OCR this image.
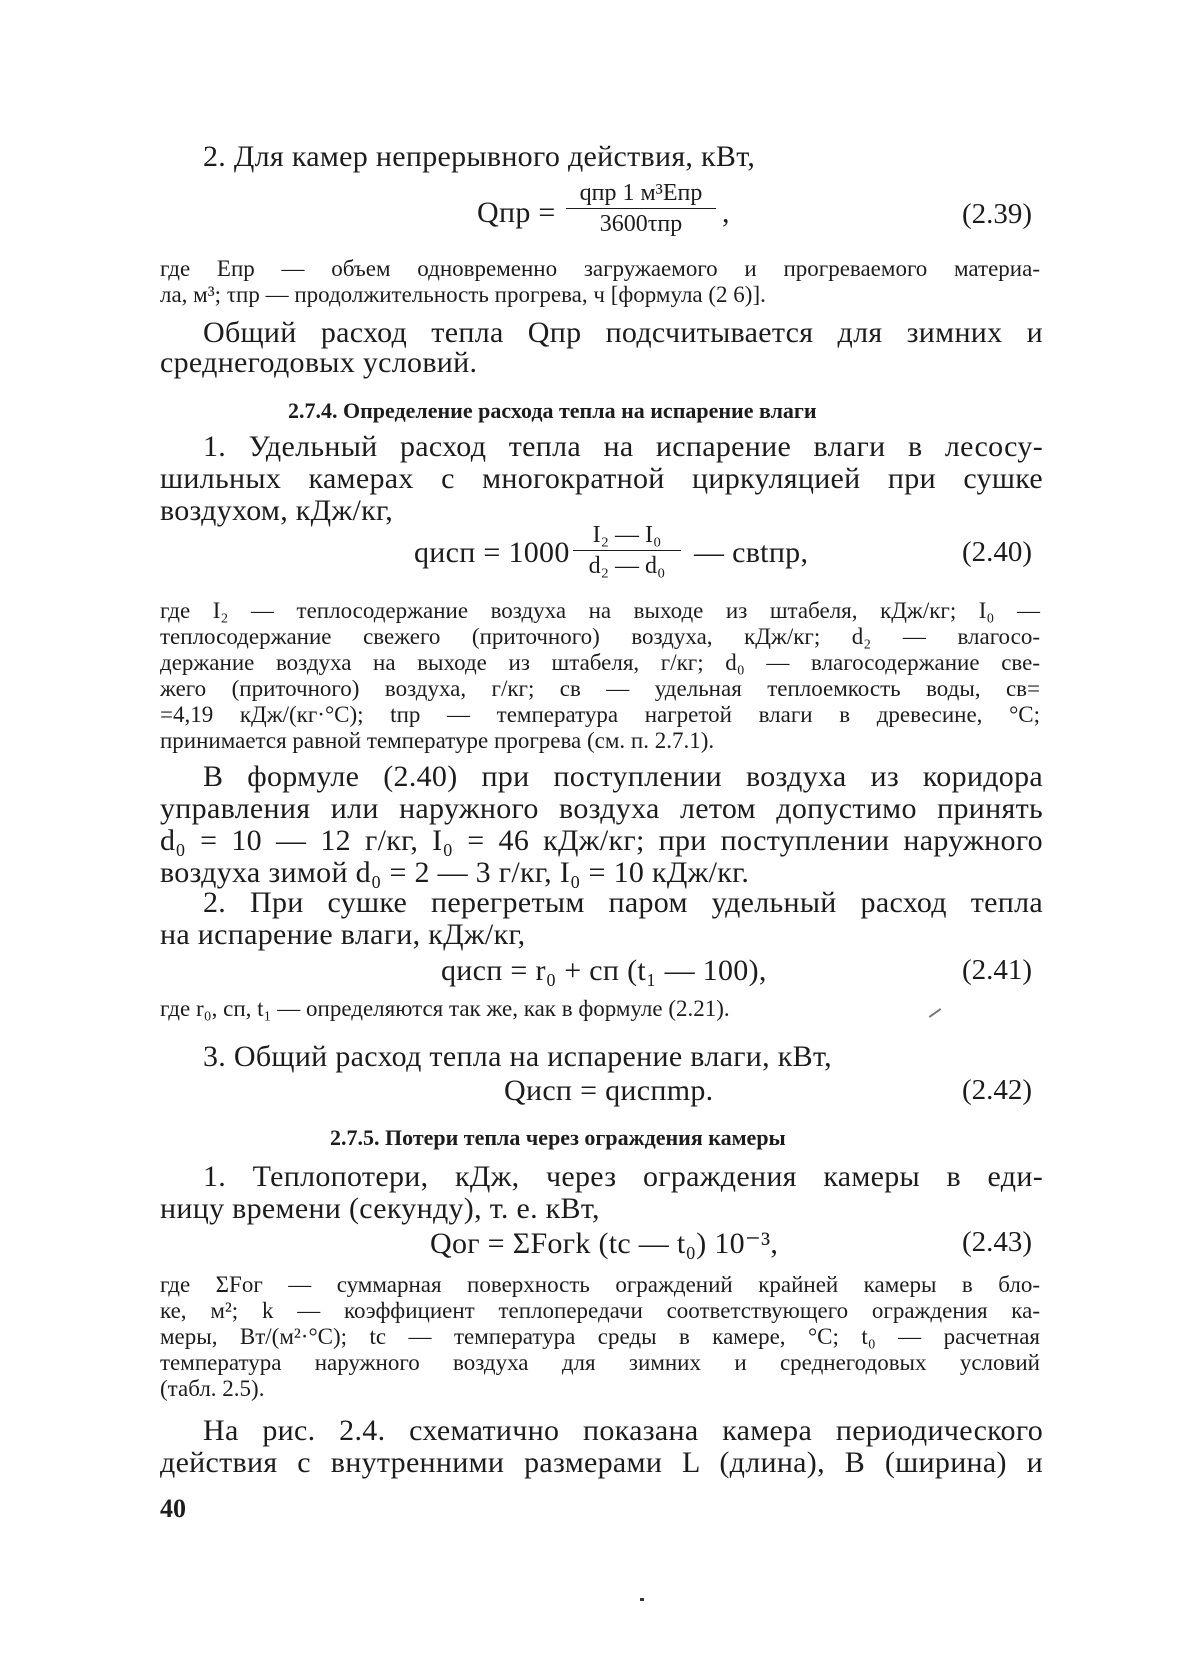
2. Для камер непрерывного действия, кВт,
Qпр =
qпр 1 м³Eпр
3600τпр	,	(2.39)
где Eпр — объем одновременно загружаемого и прогреваемого материа-
ла, м³; τпр — продолжительность прогрева, ч [формула (2 6)].
Общий расход тепла Qпр подсчитывается для зимних и
среднегодовых условий.
2.7.4. Определение расхода тепла на испарение влаги
1. Удельный расход тепла на испарение влаги в лесосу-
шильных камерах с многократной циркуляцией при сушке
воздухом, кДж/кг,
qисп = 1000
I₂ — I₀
d₂ — d₀ — cвtпр,	(2.40)
где I₂ — теплосодержание воздуха на выходе из штабеля, кДж/кг; I₀ —
теплосодержание свежего (приточного) воздуха, кДж/кг; d₂ — влагосо-
держание воздуха на выходе из штабеля, г/кг; d₀ — влагосодержание све-
жего (приточного) воздуха, г/кг; cв — удельная теплоемкость воды, cв=
=4,19 кДж/(кг·°С); tпр — температура нагретой влаги в древесине, °С;
принимается равной температуре прогрева (см. п. 2.7.1).
В формуле (2.40) при поступлении воздуха из коридора
управления или наружного воздуха летом допустимо принять
d₀ = 10 — 12 г/кг, I₀ = 46 кДж/кг; при поступлении наружного
воздуха зимой d₀ = 2 — 3 г/кг, I₀ = 10 кДж/кг.
2. При сушке перегретым паром удельный расход тепла
на испарение влаги, кДж/кг,
qисп = r₀ + cп (t₁ — 100),	(2.41)
где r₀, cп, t₁ — определяются так же, как в формуле (2.21).
3. Общий расход тепла на испарение влаги, кВт,
Qисп = qиспmр.	(2.42)
2.7.5. Потери тепла через ограждения камеры
1. Теплопотери, кДж, через ограждения камеры в еди-
ницу времени (секунду), т. е. кВт,
Qог = ΣFогk (tс — t₀) 10⁻³,	(2.43)
где ΣFог — суммарная поверхность ограждений крайней камеры в бло-
ке, м²; k — коэффициент теплопередачи соответствующего ограждения ка-
меры, Вт/(м²·°С); tс — температура среды в камере, °С; t₀ — расчетная
температура наружного воздуха для зимних и среднегодовых условий
(табл. 2.5).
На рис. 2.4. схематично показана камера периодического
действия с внутренними размерами L (длина), B (ширина) и
40
